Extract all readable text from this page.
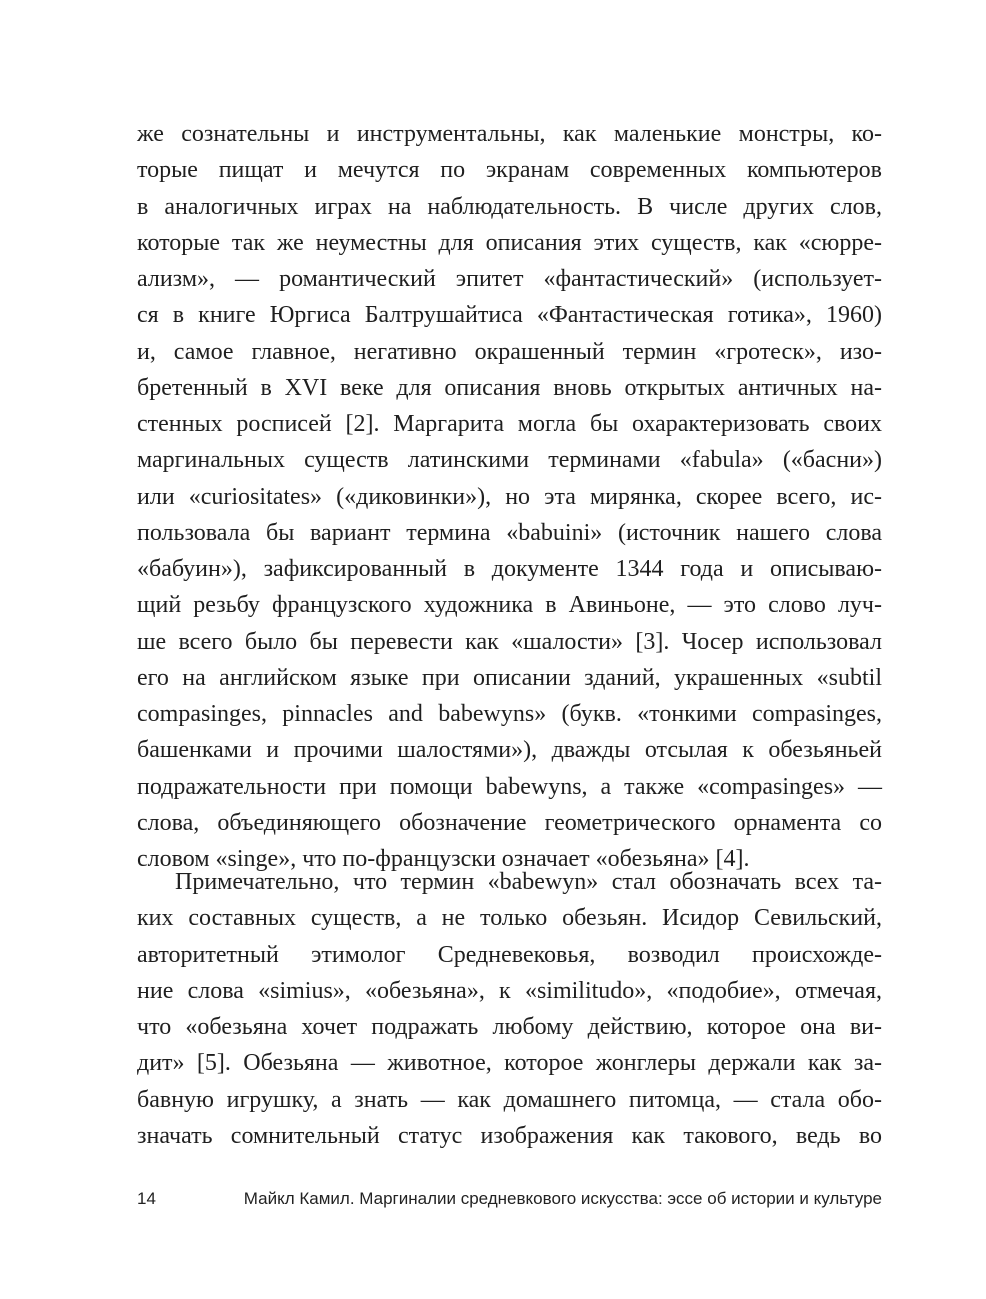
же сознательны и инструментальны, как маленькие монстры, ко-
торые пищат и мечутся по экранам современных компьютеров
в аналогичных играх на наблюдательность. В числе других слов,
которые так же неуместны для описания этих существ, как «сюрре-
ализм», — романтический эпитет «фантастический» (использует-
ся в книге Юргиса Балтрушайтиса «Фантастическая готика», 1960)
и, самое главное, негативно окрашенный термин «гротеск», изо-
бретенный в XVI веке для описания вновь открытых античных на-
стенных росписей [2]. Маргарита могла бы охарактеризовать своих
маргинальных существ латинскими терминами «fabula» («басни»)
или «curiositates» («диковинки»), но эта мирянка, скорее всего, ис-
пользовала бы вариант термина «babuini» (источник нашего слова
«бабуин»), зафиксированный в документе 1344 года и описываю-
щий резьбу французского художника в Авиньоне, — это слово луч-
ше всего было бы перевести как «шалости» [3]. Чосер использовал
его на английском языке при описании зданий, украшенных «subtil
compasinges, pinnacles and babewyns» (букв. «тонкими compasinges,
башенками и прочими шалостями»), дважды отсылая к обезьяньей
подражательности при помощи babewyns, а также «compasinges» —
слова, объединяющего обозначение геометрического орнамента со
словом «singe», что по-французски означает «обезьяна» [4].
Примечательно, что термин «babewyn» стал обозначать всех та-
ких составных существ, а не только обезьян. Исидор Севильский,
авторитетный этимолог Средневековья, возводил происхожде-
ние слова «simius», «обезьяна», к «similitudo», «подобие», отмечая,
что «обезьяна хочет подражать любому действию, которое она ви-
дит» [5]. Обезьяна — животное, которое жонглеры держали как за-
бавную игрушку, а знать — как домашнего питомца, — стала обо-
значать сомнительный статус изображения как такового, ведь во
14	Майкл Камил. Маргиналии средневкового искусства: эссе об истории и культуре
